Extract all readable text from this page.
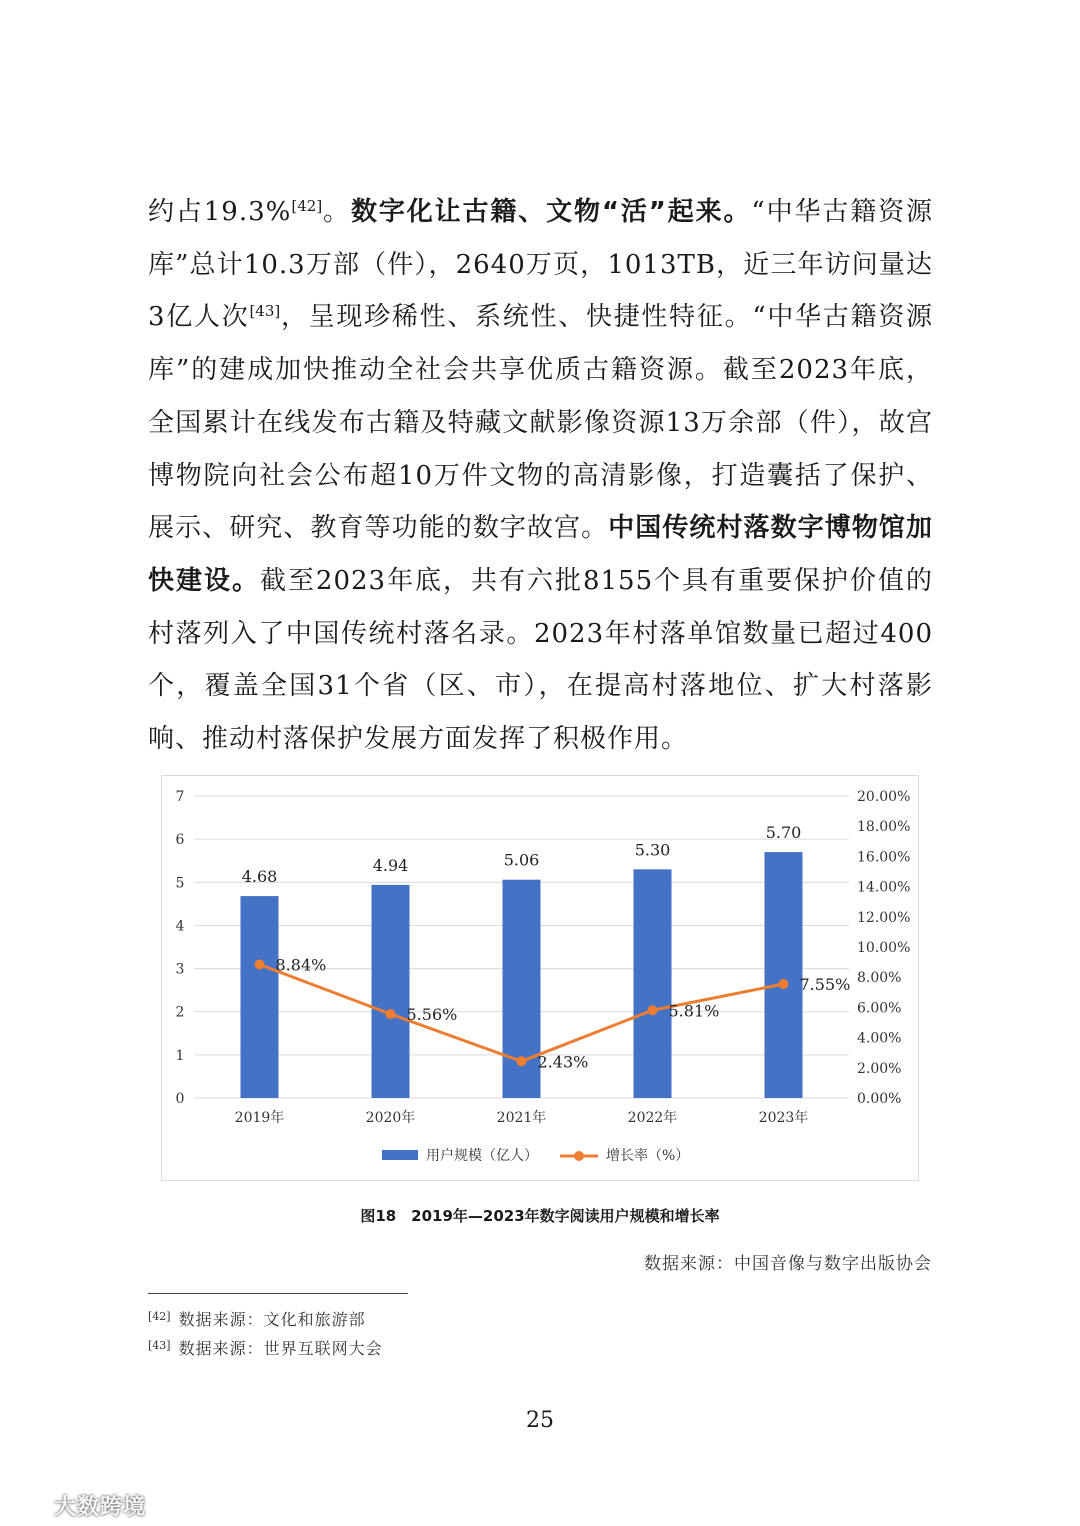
约占19.3%[42]。数字化让古籍、文物“活”起来。“中华古籍资源库”总计10.3万部（件），2640万页，1013TB，近三年访问量达3亿人次[43]，呈现珍稀性、系统性、快捷性特征。“中华古籍资源库”的建成加快推动全社会共享优质古籍资源。截至2023年底，全国累计在线发布古籍及特藏文献影像资源13万余部（件），故宫博物院向社会公布超10万件文物的高清影像，打造囊括了保护、展示、研究、教育等功能的数字故宫。中国传统村落数字博物馆加快建设。截至2023年底，共有六批8155个具有重要保护价值的村落列入了中国传统村落名录。2023年村落单馆数量已超过400个，覆盖全国31个省（区、市），在提高村落地位、扩大村落影响、推动村落保护发展方面发挥了积极作用。

0
1
2
3
4
5
6
7
0.00%
2.00%
4.00%
6.00%
8.00%
10.00%
12.00%
14.00%
16.00%
18.00%
20.00%
4.68
4.94	5.06
5.30
5.70
2019年	2020年	2021年	2022年	2023年
8.84%
5.56%
2.43%
5.81%
7.55%
用户规模（亿人）	增长率（%）
图18　2019年—2023年数字阅读用户规模和增长率
数据来源：中国音像与数字出版协会
[42] 数据来源：文化和旅游部
[43] 数据来源：世界互联网大会
25
大数跨境
